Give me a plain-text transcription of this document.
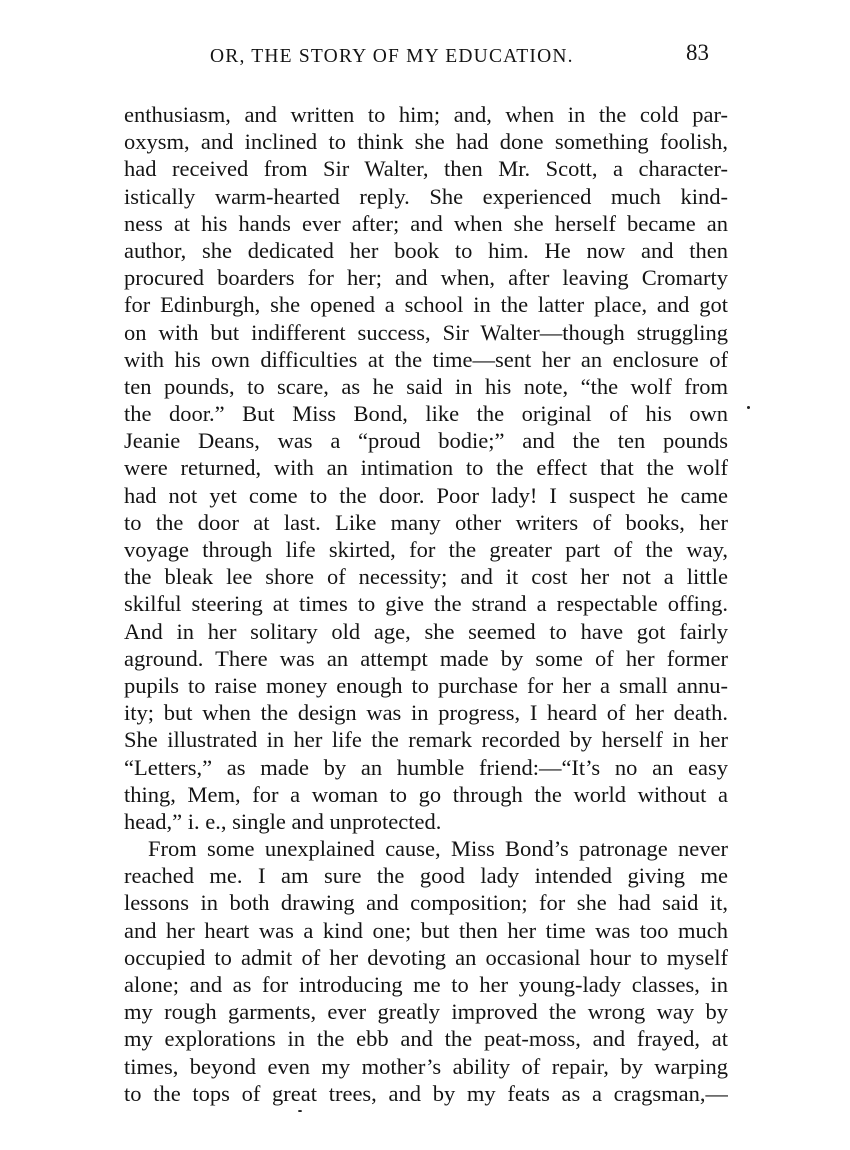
OR, THE STORY OF MY EDUCATION.	83
enthusiasm, and written to him; and, when in the cold par-
oxysm, and inclined to think she had done something foolish,
had received from Sir Walter, then Mr. Scott, a character-
istically warm-hearted reply. She experienced much kind-
ness at his hands ever after; and when she herself became an
author, she dedicated her book to him. He now and then
procured boarders for her; and when, after leaving Cromarty
for Edinburgh, she opened a school in the latter place, and got
on with but indifferent success, Sir Walter—though struggling
with his own difficulties at the time—sent her an enclosure of
ten pounds, to scare, as he said in his note, “the wolf from
the door.” But Miss Bond, like the original of his own
Jeanie Deans, was a “proud bodie;” and the ten pounds
were returned, with an intimation to the effect that the wolf
had not yet come to the door. Poor lady! I suspect he came
to the door at last. Like many other writers of books, her
voyage through life skirted, for the greater part of the way,
the bleak lee shore of necessity; and it cost her not a little
skilful steering at times to give the strand a respectable offing.
And in her solitary old age, she seemed to have got fairly
aground. There was an attempt made by some of her former
pupils to raise money enough to purchase for her a small annu-
ity; but when the design was in progress, I heard of her death.
She illustrated in her life the remark recorded by herself in her
“Letters,” as made by an humble friend:—“It’s no an easy
thing, Mem, for a woman to go through the world without a
head,” i. e., single and unprotected.
From some unexplained cause, Miss Bond’s patronage never
reached me. I am sure the good lady intended giving me
lessons in both drawing and composition; for she had said it,
and her heart was a kind one; but then her time was too much
occupied to admit of her devoting an occasional hour to myself
alone; and as for introducing me to her young-lady classes, in
my rough garments, ever greatly improved the wrong way by
my explorations in the ebb and the peat-moss, and frayed, at
times, beyond even my mother’s ability of repair, by warping
to the tops of great trees, and by my feats as a cragsman,—
